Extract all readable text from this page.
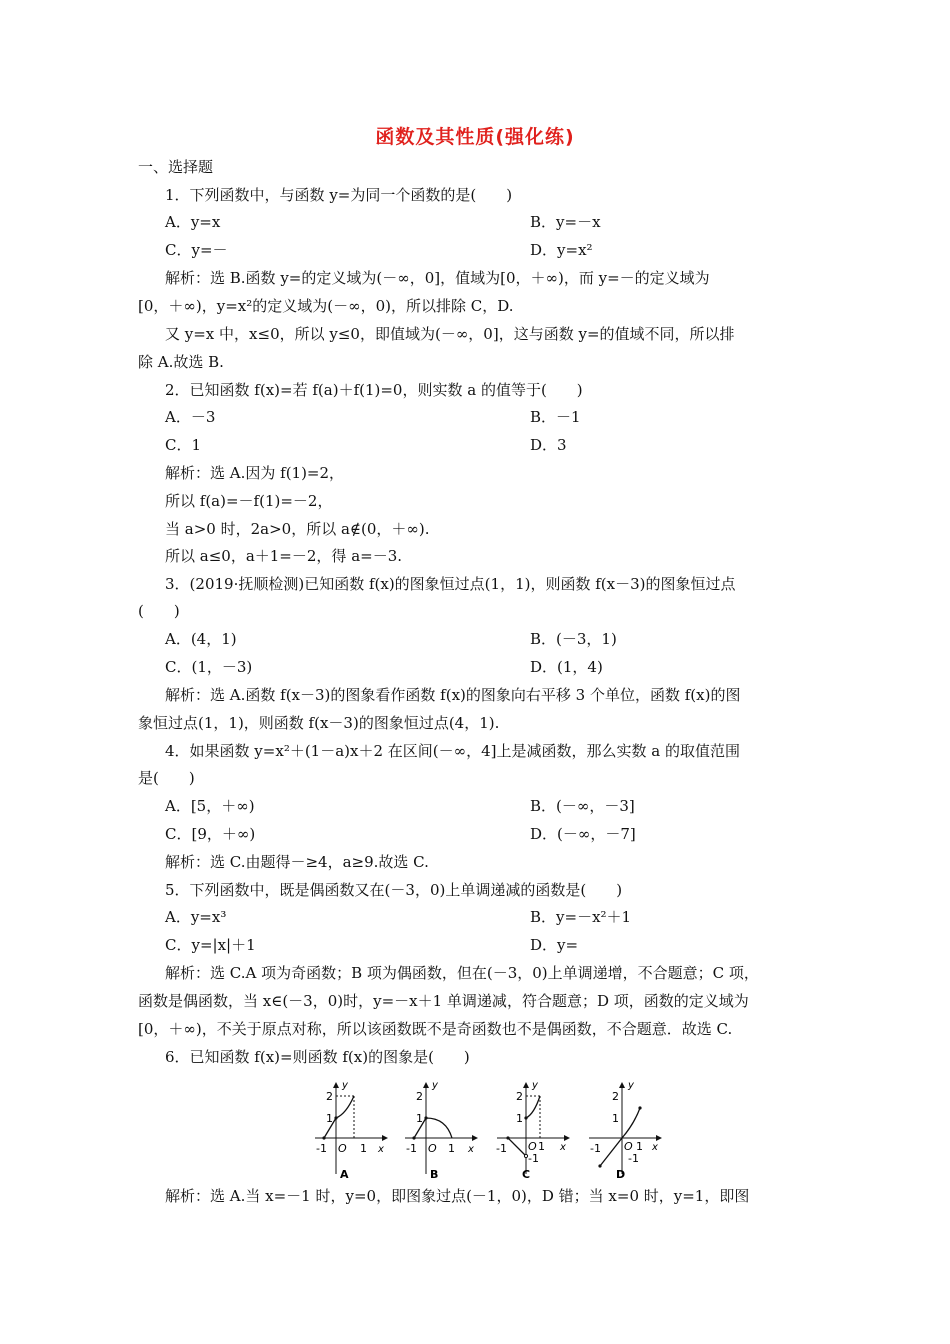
函数及其性质(强化练)
一、选择题
1．下列函数中，与函数 y=为同一个函数的是(　　)
A．y=x	B．y=－x
C．y=－	D．y=x²
解析：选 B.函数 y=的定义域为(－∞，0]，值域为[0，＋∞)，而 y=－的定义域为
[0，＋∞)，y=x²的定义域为(－∞，0)，所以排除 C，D.
又 y=x 中，x≤0，所以 y≤0，即值域为(－∞，0]，这与函数 y=的值域不同，所以排
除 A.故选 B.
2．已知函数 f(x)=若 f(a)＋f(1)=0，则实数 a 的值等于(　　)
A．－3	B．－1
C．1	D．3
解析：选 A.因为 f(1)=2，
所以 f(a)=－f(1)=－2，
当 a>0 时，2a>0，所以 a∉(0，＋∞).
所以 a≤0，a＋1=－2，得 a=－3.
3．(2019·抚顺检测)已知函数 f(x)的图象恒过点(1，1)，则函数 f(x－3)的图象恒过点
(　　)
A．(4，1)	B．(－3，1)
C．(1，－3)	D．(1，4)
解析：选 A.函数 f(x－3)的图象看作函数 f(x)的图象向右平移 3 个单位，函数 f(x)的图
象恒过点(1，1)，则函数 f(x－3)的图象恒过点(4，1).
4．如果函数 y=x²＋(1－a)x＋2 在区间(－∞，4]上是减函数，那么实数 a 的取值范围
是(　　)
A．[5，＋∞)	B．(－∞，－3]
C．[9，＋∞)	D．(－∞，－7]
解析：选 C.由题得－≥4，a≥9.故选 C.
5．下列函数中，既是偶函数又在(－3，0)上单调递减的函数是(　　)
A．y=x³	B．y=－x²＋1
C．y=|x|＋1	D．y=
解析：选 C.A 项为奇函数；B 项为偶函数，但在(－3，0)上单调递增，不合题意；C 项，
函数是偶函数，当 x∈(－3，0)时，y=－x＋1 单调递减，符合题意；D 项，函数的定义域为
[0，＋∞)，不关于原点对称，所以该函数既不是奇函数也不是偶函数，不合题意．故选 C.
6．已知函数 f(x)=则函数 f(x)的图象是(　　)
2
1
-1 O 1 x
y
A
2
1
-1 O 1 x
y
B
2
1
-1 O 1 x
y
-1
C
2
1
-1 O 1 x
y
-1
D
解析：选 A.当 x=－1 时，y=0，即图象过点(－1，0)，D 错；当 x=0 时，y=1，即图
